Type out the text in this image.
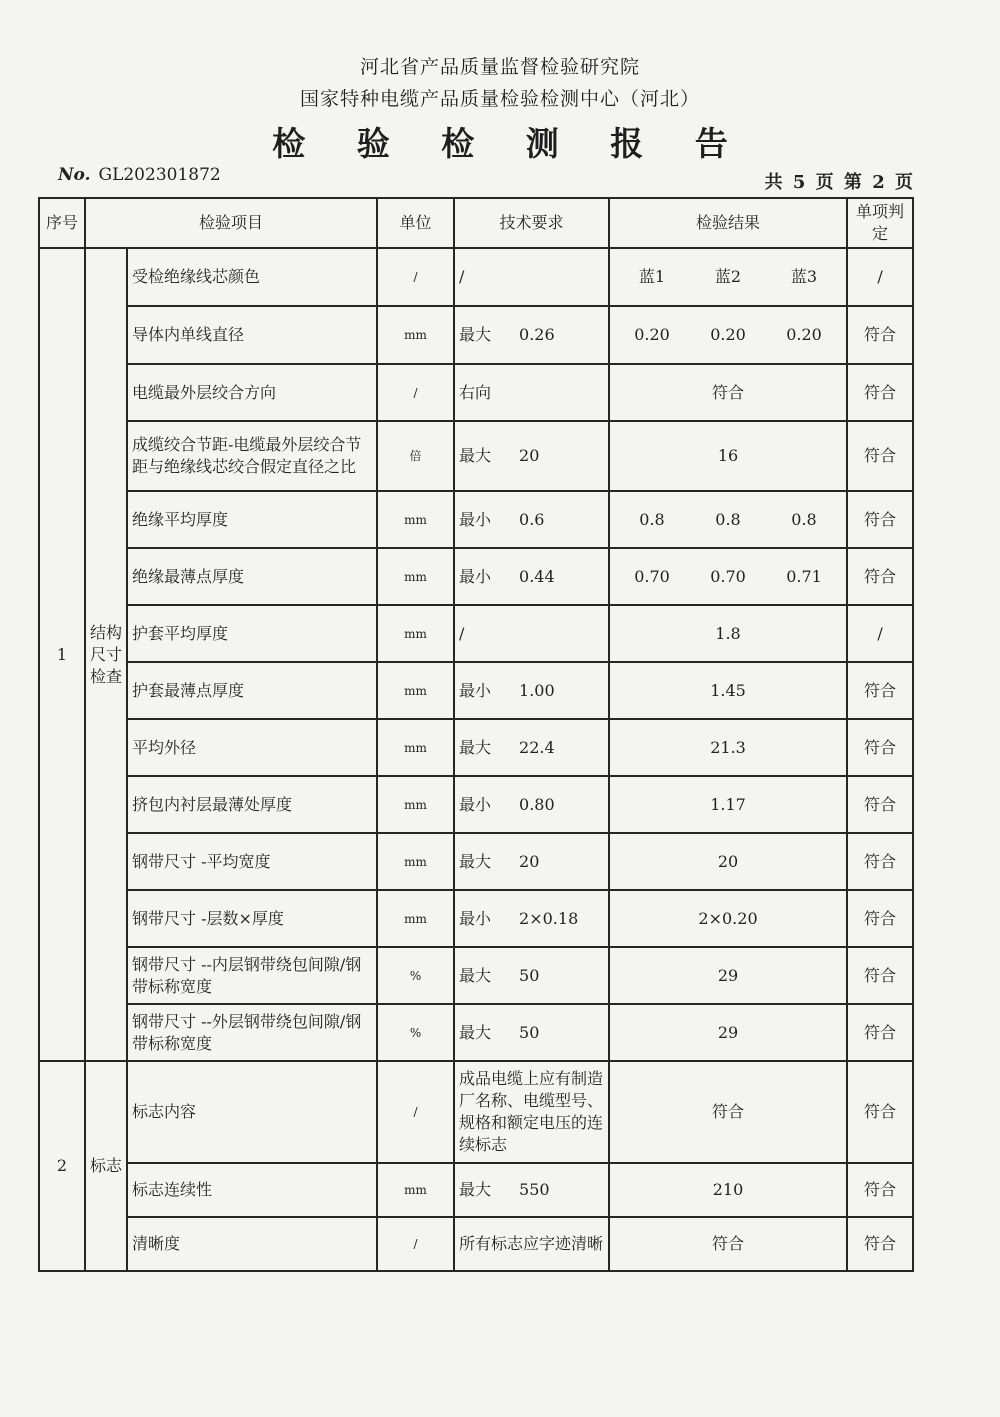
河北省产品质量监督检验研究院
国家特种电缆产品质量检验检测中心（河北）
检 验 检 测 报 告
No. GL202301872	共 5 页 第 2 页
序号	检验项目		单位	技术要求	检验结果	单项判定
1	结构尺寸检查	受检绝缘线芯颜色	/	/	蓝1 蓝2 蓝3	/
		导体内单线直径	mm	最大 0.26	0.20 0.20 0.20	符合
		电缆最外层绞合方向	/	右向	符合	符合
		成缆绞合节距-电缆最外层绞合节距与绝缘线芯绞合假定直径之比	倍	最大 20	16	符合
		绝缘平均厚度	mm	最小 0.6	0.8 0.8 0.8	符合
		绝缘最薄点厚度	mm	最小 0.44	0.70 0.70 0.71	符合
		护套平均厚度	mm	/	1.8	/
		护套最薄点厚度	mm	最小 1.00	1.45	符合
		平均外径	mm	最大 22.4	21.3	符合
		挤包内衬层最薄处厚度	mm	最小 0.80	1.17	符合
		钢带尺寸 -平均宽度	mm	最大 20	20	符合
		钢带尺寸 -层数×厚度	mm	最小 2×0.18	2×0.20	符合
		钢带尺寸 --内层钢带绕包间隙/钢带标称宽度	%	最大 50	29	符合
		钢带尺寸 --外层钢带绕包间隙/钢带标称宽度	%	最大 50	29	符合
2	标志	标志内容	/	成品电缆上应有制造厂名称、电缆型号、规格和额定电压的连续标志	符合	符合
		标志连续性	mm	最大 550	210	符合
		清晰度	/	所有标志应字迹清晰	符合	符合
